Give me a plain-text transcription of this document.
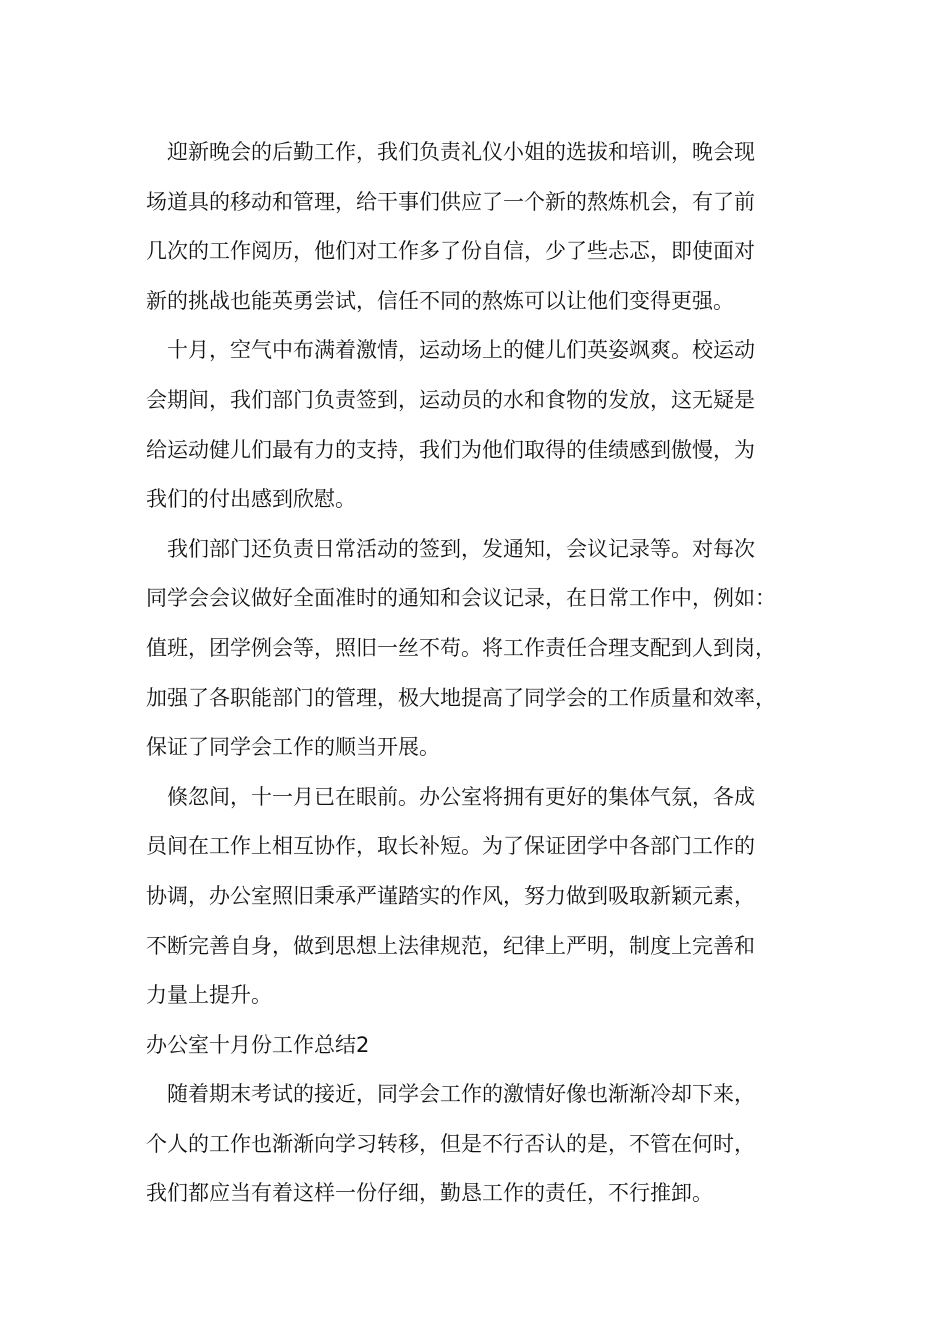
迎新晚会的后勤工作，我们负责礼仪小姐的选拔和培训，晚会现
场道具的移动和管理，给干事们供应了一个新的熬炼机会，有了前
几次的工作阅历，他们对工作多了份自信，少了些忐忑，即使面对
新的挑战也能英勇尝试，信任不同的熬炼可以让他们变得更强。

十月，空气中布满着激情，运动场上的健儿们英姿飒爽。校运动
会期间，我们部门负责签到，运动员的水和食物的发放，这无疑是
给运动健儿们最有力的支持，我们为他们取得的佳绩感到傲慢，为
我们的付出感到欣慰。

我们部门还负责日常活动的签到，发通知，会议记录等。对每次
同学会会议做好全面准时的通知和会议记录，在日常工作中，例如：
值班，团学例会等，照旧一丝不苟。将工作责任合理支配到人到岗，
加强了各职能部门的管理，极大地提高了同学会的工作质量和效率，
保证了同学会工作的顺当开展。

倏忽间，十一月已在眼前。办公室将拥有更好的集体气氛，各成
员间在工作上相互协作，取长补短。为了保证团学中各部门工作的
协调，办公室照旧秉承严谨踏实的作风，努力做到吸取新颖元素，
不断完善自身，做到思想上法律规范，纪律上严明，制度上完善和
力量上提升。

办公室十月份工作总结2

随着期末考试的接近，同学会工作的激情好像也渐渐冷却下来，
个人的工作也渐渐向学习转移，但是不行否认的是，不管在何时，
我们都应当有着这样一份仔细，勤恳工作的责任，不行推卸。
